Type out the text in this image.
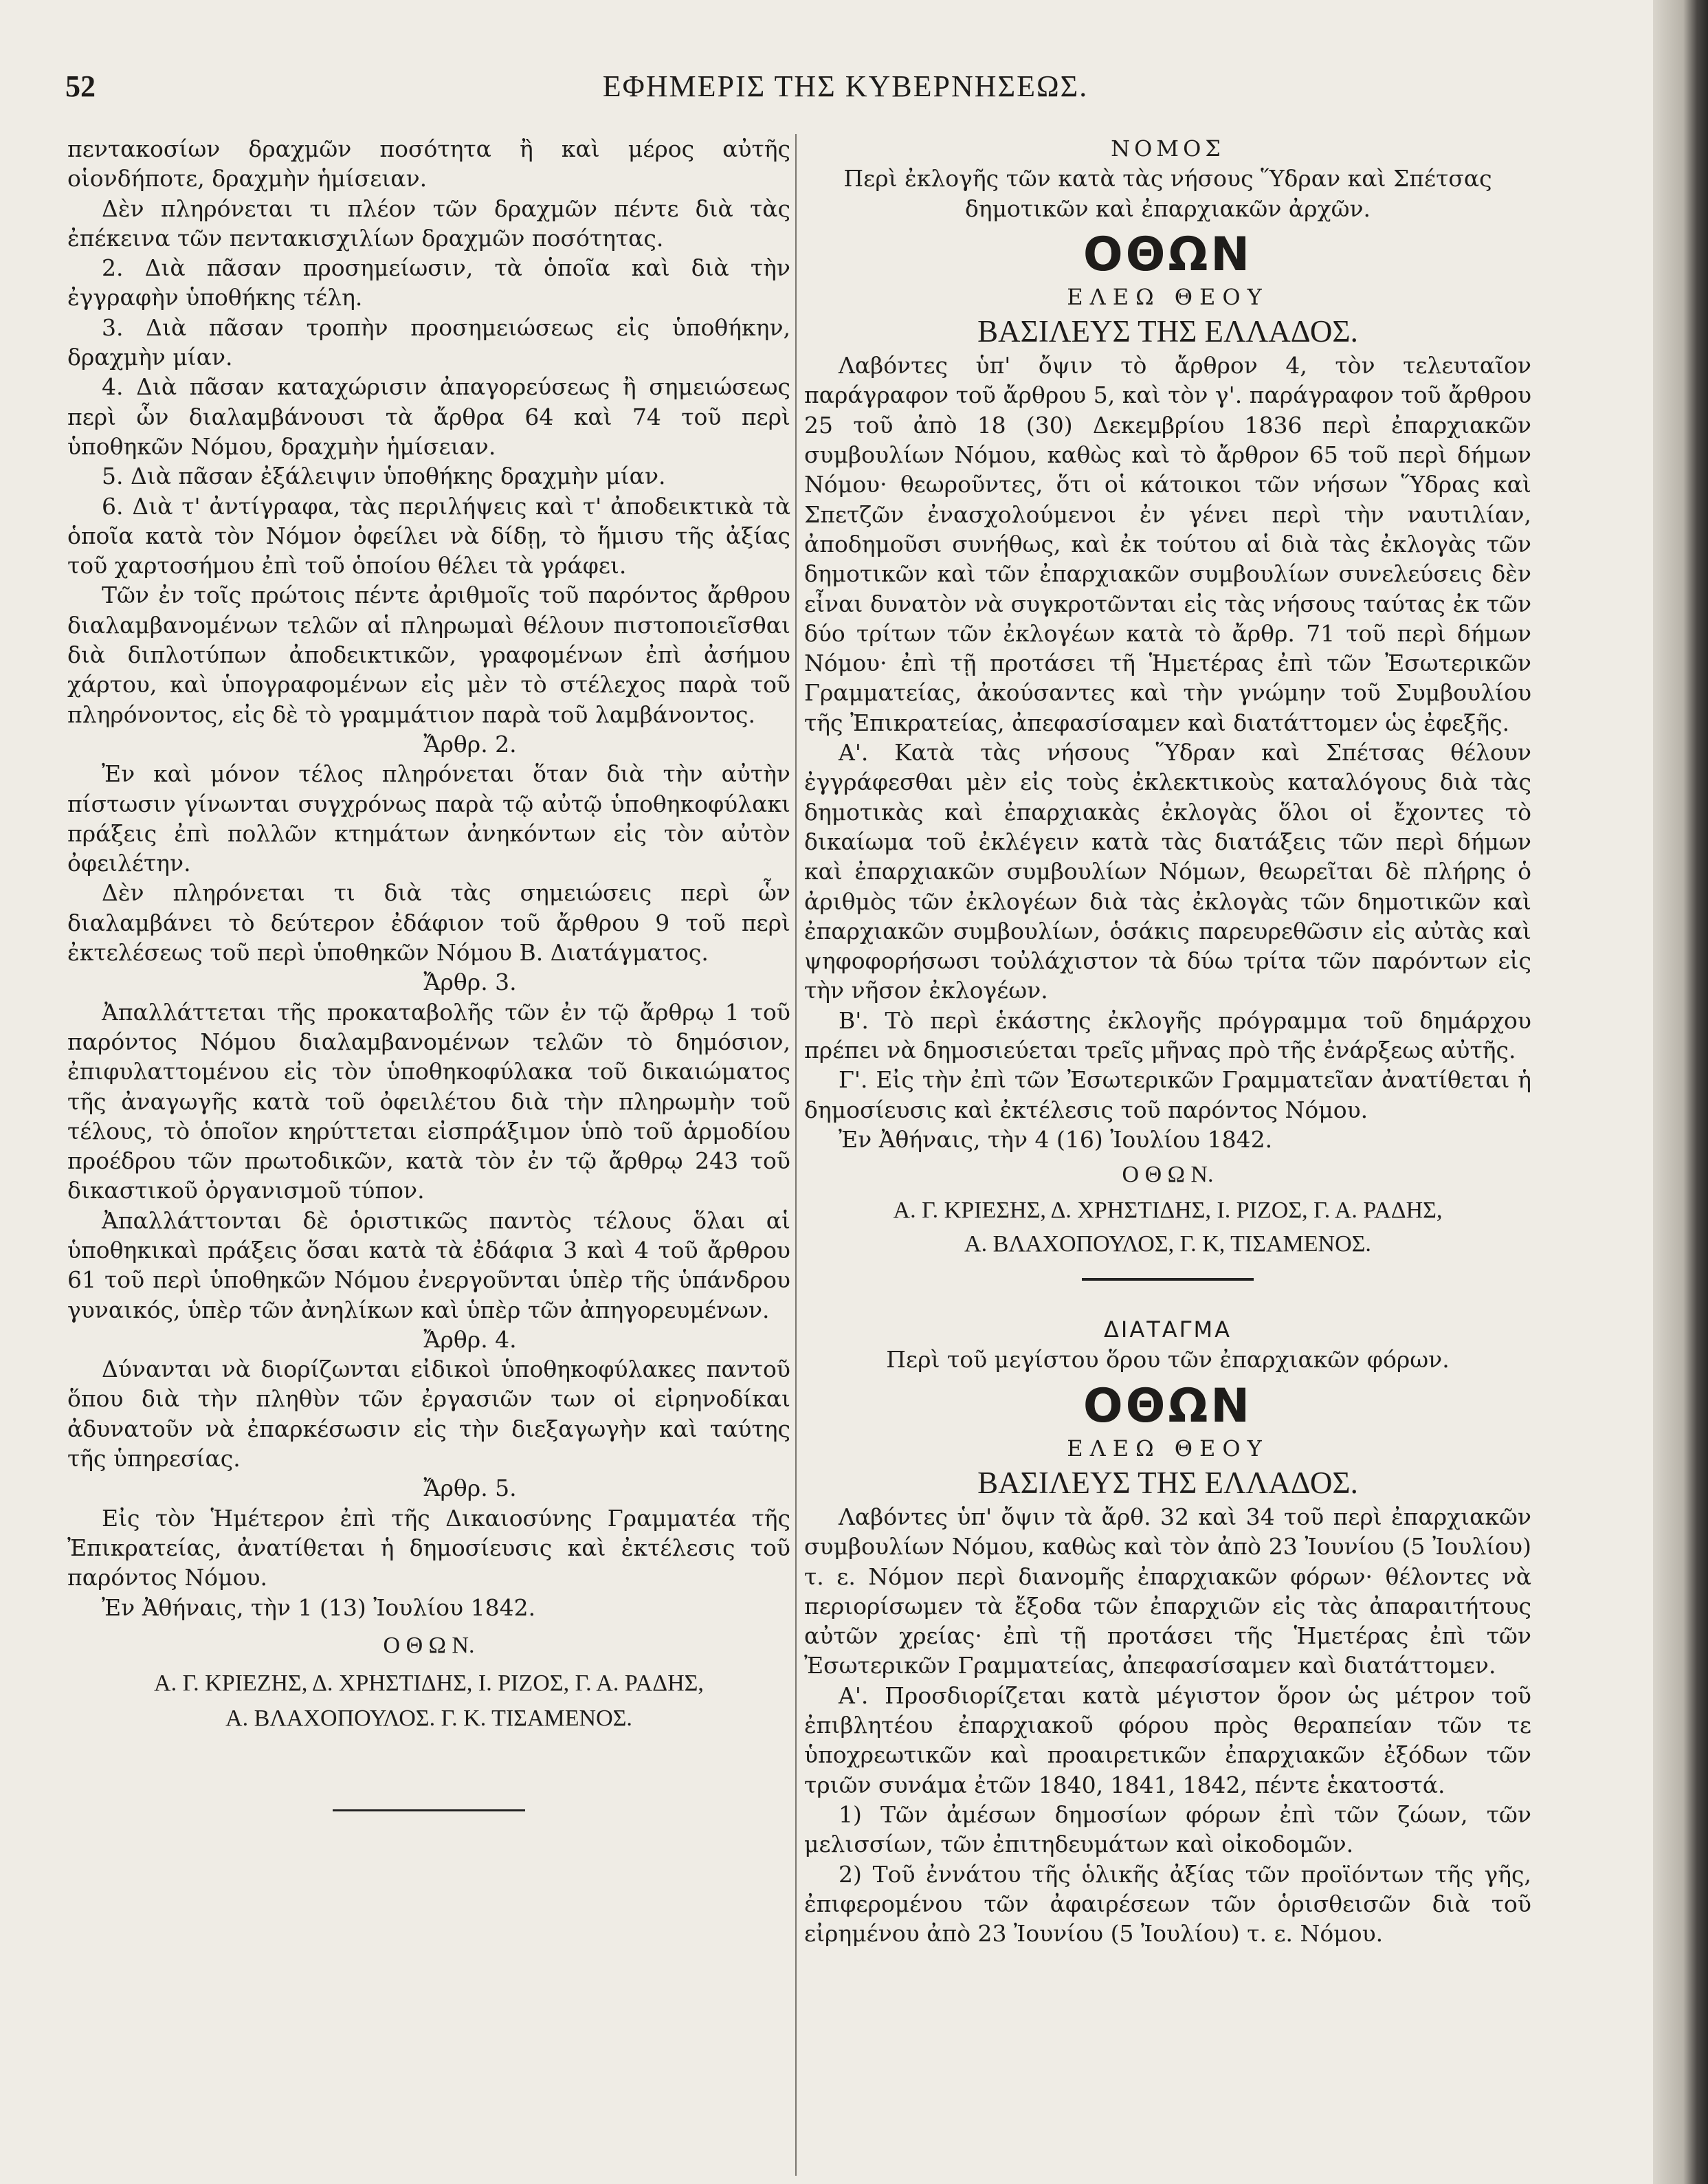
52	ΕΦΗΜΕΡΙΣ ΤΗΣ ΚΥΒΕΡΝΗΣΕΩΣ.

πεντακοσίων δραχμῶν ποσότητα ἢ καὶ μέρος αὐτῆς οἱονδήποτε, δραχμὴν ἡμίσειαν.

Δὲν πληρόνεται τι πλέον τῶν δραχμῶν πέντε διὰ τὰς ἐπέκεινα τῶν πεντακισχιλίων δραχμῶν ποσότητας.

2. Διὰ πᾶσαν προσημείωσιν, τὰ ὁποῖα καὶ διὰ τὴν ἐγγραφὴν ὑποθήκης τέλη.

3. Διὰ πᾶσαν τροπὴν προσημειώσεως εἰς ὑποθήκην, δραχμὴν μίαν.

4. Διὰ πᾶσαν καταχώρισιν ἀπαγορεύσεως ἢ σημειώσεως περὶ ὧν διαλαμβάνουσι τὰ ἄρθρα 64 καὶ 74 τοῦ περὶ ὑποθηκῶν Νόμου, δραχμὴν ἡμίσειαν.

5. Διὰ πᾶσαν ἐξάλειψιν ὑποθήκης δραχμὴν μίαν.

6. Διὰ τ' ἀντίγραφα, τὰς περιλήψεις καὶ τ' ἀποδεικτικὰ τὰ ὁποῖα κατὰ τὸν Νόμον ὀφείλει νὰ δίδῃ, τὸ ἥμισυ τῆς ἀξίας τοῦ χαρτοσήμου ἐπὶ τοῦ ὁποίου θέλει τὰ γράφει.

Τῶν ἐν τοῖς πρώτοις πέντε ἀριθμοῖς τοῦ παρόντος ἄρθρου διαλαμβανομένων τελῶν αἱ πληρωμαὶ θέλουν πιστοποιεῖσθαι διὰ διπλοτύπων ἀποδεικτικῶν, γραφομένων ἐπὶ ἀσήμου χάρτου, καὶ ὑπογραφομένων εἰς μὲν τὸ στέλεχος παρὰ τοῦ πληρόνοντος, εἰς δὲ τὸ γραμμάτιον παρὰ τοῦ λαμβάνοντος.

Ἄρθρ. 2.

Ἐν καὶ μόνον τέλος πληρόνεται ὅταν διὰ τὴν αὐτὴν πίστωσιν γίνωνται συγχρόνως παρὰ τῷ αὐτῷ ὑποθηκοφύλακι πράξεις ἐπὶ πολλῶν κτημάτων ἀνηκόντων εἰς τὸν αὐτὸν ὀφειλέτην.

Δὲν πληρόνεται τι διὰ τὰς σημειώσεις περὶ ὧν διαλαμβάνει τὸ δεύτερον ἐδάφιον τοῦ ἄρθρου 9 τοῦ περὶ ἐκτελέσεως τοῦ περὶ ὑποθηκῶν Νόμου Β. Διατάγματος.

Ἄρθρ. 3.

Ἀπαλλάττεται τῆς προκαταβολῆς τῶν ἐν τῷ ἄρθρῳ 1 τοῦ παρόντος Νόμου διαλαμβανομένων τελῶν τὸ δημόσιον, ἐπιφυλαττομένου εἰς τὸν ὑποθηκοφύλακα τοῦ δικαιώματος τῆς ἀναγωγῆς κατὰ τοῦ ὀφειλέτου διὰ τὴν πληρωμὴν τοῦ τέλους, τὸ ὁποῖον κηρύττεται εἰσπράξιμον ὑπὸ τοῦ ἁρμοδίου προέδρου τῶν πρωτοδικῶν, κατὰ τὸν ἐν τῷ ἄρθρῳ 243 τοῦ δικαστικοῦ ὀργανισμοῦ τύπον.

Ἀπαλλάττονται δὲ ὁριστικῶς παντὸς τέλους ὅλαι αἱ ὑποθηκικαὶ πράξεις ὅσαι κατὰ τὰ ἐδάφια 3 καὶ 4 τοῦ ἄρθρου 61 τοῦ περὶ ὑποθηκῶν Νόμου ἐνεργοῦνται ὑπὲρ τῆς ὑπάνδρου γυναικός, ὑπὲρ τῶν ἀνηλίκων καὶ ὑπὲρ τῶν ἀπηγορευμένων.

Ἄρθρ. 4.

Δύνανται νὰ διορίζωνται εἰδικοὶ ὑποθηκοφύλακες παντοῦ ὅπου διὰ τὴν πληθὺν τῶν ἐργασιῶν των οἱ εἰρηνοδίκαι ἀδυνατοῦν νὰ ἐπαρκέσωσιν εἰς τὴν διεξαγωγὴν καὶ ταύτης τῆς ὑπηρεσίας.

Ἄρθρ. 5.

Εἰς τὸν Ἡμέτερον ἐπὶ τῆς Δικαιοσύνης Γραμματέα τῆς Ἐπικρατείας, ἀνατίθεται ἡ δημοσίευσις καὶ ἐκτέλεσις τοῦ παρόντος Νόμου.

Ἐν Ἀθήναις, τὴν 1 (13) Ἰουλίου 1842.

Ο Θ Ω Ν.

Α. Γ. ΚΡΙΕΖΗΣ, Δ. ΧΡΗΣΤΙΔΗΣ, Ι. ΡΙΖΟΣ, Γ. Α. ΡΑΔΗΣ,

Α. ΒΛΑΧΟΠΟΥΛΟΣ. Γ. Κ. ΤΙΣΑΜΕΝΟΣ.

ΝΟΜΟΣ

Περὶ ἐκλογῆς τῶν κατὰ τὰς νήσους Ὕδραν καὶ Σπέτσας δημοτικῶν καὶ ἐπαρχιακῶν ἀρχῶν.

ΟΘΩΝ

ΕΛΕΩ ΘΕΟΥ

ΒΑΣΙΛΕΥΣ ΤΗΣ ΕΛΛΑΔΟΣ.

Λαβόντες ὑπ' ὄψιν τὸ ἄρθρον 4, τὸν τελευταῖον παράγραφον τοῦ ἄρθρου 5, καὶ τὸν γ'. παράγραφον τοῦ ἄρθρου 25 τοῦ ἀπὸ 18 (30) Δεκεμβρίου 1836 περὶ ἐπαρχιακῶν συμβουλίων Νόμου, καθὼς καὶ τὸ ἄρθρον 65 τοῦ περὶ δήμων Νόμου· θεωροῦντες, ὅτι οἱ κάτοικοι τῶν νήσων Ὕδρας καὶ Σπετζῶν ἐνασχολούμενοι ἐν γένει περὶ τὴν ναυτιλίαν, ἀποδημοῦσι συνήθως, καὶ ἐκ τούτου αἱ διὰ τὰς ἐκλογὰς τῶν δημοτικῶν καὶ τῶν ἐπαρχιακῶν συμβουλίων συνελεύσεις δὲν εἶναι δυνατὸν νὰ συγκροτῶνται εἰς τὰς νήσους ταύτας ἐκ τῶν δύο τρίτων τῶν ἐκλογέων κατὰ τὸ ἄρθρ. 71 τοῦ περὶ δήμων Νόμου· ἐπὶ τῇ προτάσει τῆ Ἡμετέρας ἐπὶ τῶν Ἐσωτερικῶν Γραμματείας, ἀκούσαντες καὶ τὴν γνώμην τοῦ Συμβουλίου τῆς Ἐπικρατείας, ἀπεφασίσαμεν καὶ διατάττομεν ὡς ἐφεξῆς.

Α'. Κατὰ τὰς νήσους Ὕδραν καὶ Σπέτσας θέλουν ἐγγράφεσθαι μὲν εἰς τοὺς ἐκλεκτικοὺς καταλόγους διὰ τὰς δημοτικὰς καὶ ἐπαρχιακὰς ἐκλογὰς ὅλοι οἱ ἔχοντες τὸ δικαίωμα τοῦ ἐκλέγειν κατὰ τὰς διατάξεις τῶν περὶ δήμων καὶ ἐπαρχιακῶν συμβουλίων Νόμων, θεωρεῖται δὲ πλήρης ὁ ἀριθμὸς τῶν ἐκλογέων διὰ τὰς ἐκλογὰς τῶν δημοτικῶν καὶ ἐπαρχιακῶν συμβουλίων, ὁσάκις παρευρεθῶσιν εἰς αὐτὰς καὶ ψηφοφορήσωσι τοὐλάχιστον τὰ δύω τρίτα τῶν παρόντων εἰς τὴν νῆσον ἐκλογέων.

Β'. Τὸ περὶ ἑκάστης ἐκλογῆς πρόγραμμα τοῦ δημάρχου πρέπει νὰ δημοσιεύεται τρεῖς μῆνας πρὸ τῆς ἐνάρξεως αὐτῆς.

Γ'. Εἰς τὴν ἐπὶ τῶν Ἐσωτερικῶν Γραμματεῖαν ἀνατίθεται ἡ δημοσίευσις καὶ ἐκτέλεσις τοῦ παρόντος Νόμου.

Ἐν Ἀθήναις, τὴν 4 (16) Ἰουλίου 1842.

Ο Θ Ω Ν.

Α. Γ. ΚΡΙΕΣΗΣ, Δ. ΧΡΗΣΤΙΔΗΣ, Ι. ΡΙΖΟΣ, Γ. Α. ΡΑΔΗΣ,

Α. ΒΛΑΧΟΠΟΥΛΟΣ, Γ. Κ, ΤΙΣΑΜΕΝΟΣ.

ΔΙΑΤΑΓΜΑ

Περὶ τοῦ μεγίστου ὅρου τῶν ἐπαρχιακῶν φόρων.

ΟΘΩΝ

ΕΛΕΩ ΘΕΟΥ

ΒΑΣΙΛΕΥΣ ΤΗΣ ΕΛΛΑΔΟΣ.

Λαβόντες ὑπ' ὄψιν τὰ ἄρθ. 32 καὶ 34 τοῦ περὶ ἐπαρχιακῶν συμβουλίων Νόμου, καθὼς καὶ τὸν ἀπὸ 23 Ἰουνίου (5 Ἰουλίου) τ. ε. Νόμον περὶ διανομῆς ἐπαρχιακῶν φόρων· θέλοντες νὰ περιορίσωμεν τὰ ἔξοδα τῶν ἐπαρχιῶν εἰς τὰς ἀπαραιτήτους αὐτῶν χρείας· ἐπὶ τῇ προτάσει τῆς Ἡμετέρας ἐπὶ τῶν Ἐσωτερικῶν Γραμματείας, ἀπεφασίσαμεν καὶ διατάττομεν.

Α'. Προσδιορίζεται κατὰ μέγιστον ὅρον ὡς μέτρον τοῦ ἐπιβλητέου ἐπαρχιακοῦ φόρου πρὸς θεραπείαν τῶν τε ὑποχρεωτικῶν καὶ προαιρετικῶν ἐπαρχιακῶν ἐξόδων τῶν τριῶν συνάμα ἐτῶν 1840, 1841, 1842, πέντε ἑκατοστά.

1) Τῶν ἀμέσων δημοσίων φόρων ἐπὶ τῶν ζώων, τῶν μελισσίων, τῶν ἐπιτηδευμάτων καὶ οἰκοδομῶν.

2) Τοῦ ἐννάτου τῆς ὁλικῆς ἀξίας τῶν προϊόντων τῆς γῆς, ἐπιφερομένου τῶν ἀφαιρέσεων τῶν ὁρισθεισῶν διὰ τοῦ εἰρημένου ἀπὸ 23 Ἰουνίου (5 Ἰουλίου) τ. ε. Νόμου.
